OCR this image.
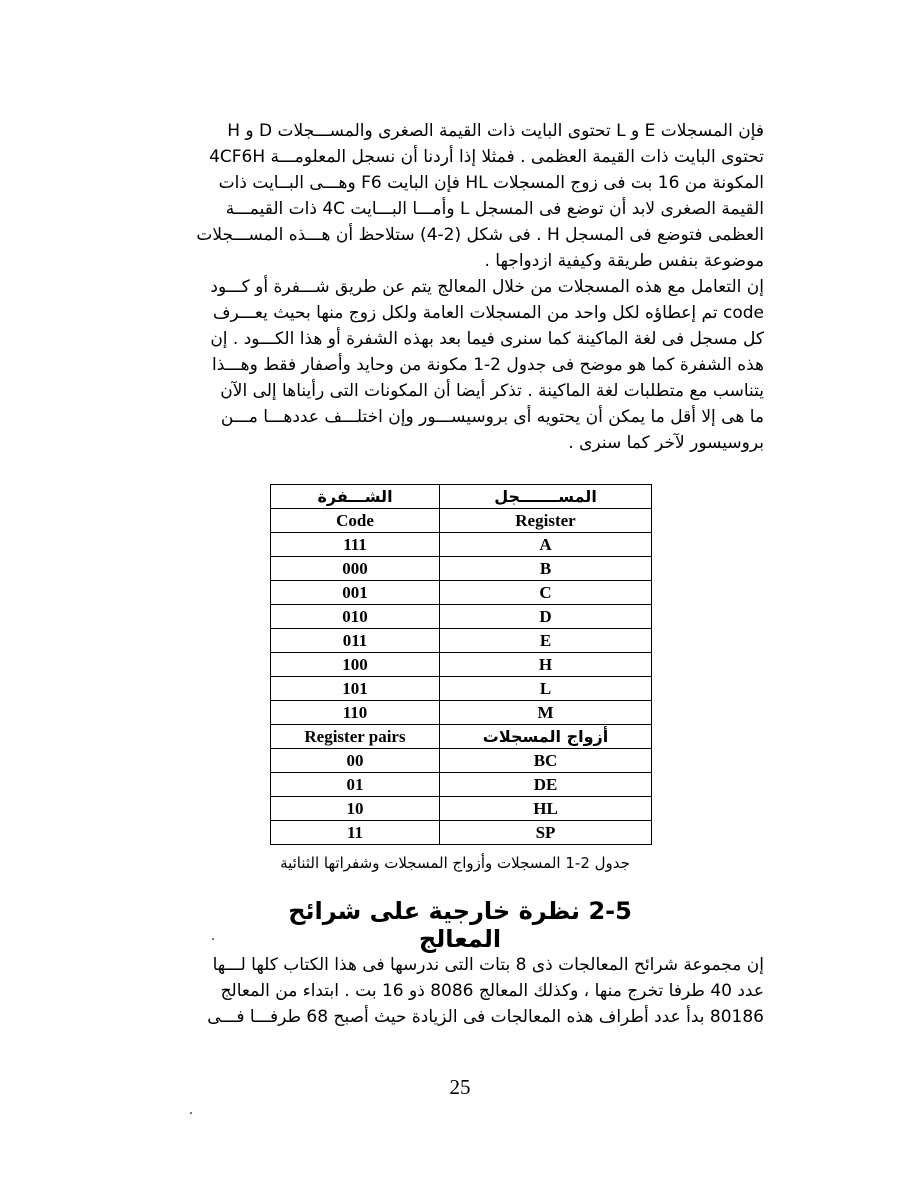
فإن المسجلات E و L تحتوى البايت ذات القيمة الصغرى والمســـجلات D و H
تحتوى البايت ذات القيمة العظمى . فمثلا إذا أردنا أن نسجل المعلومـــة 4CF6H
المكونة من 16 بت فى زوج المسجلات HL فإن البايت F6 وهـــى البــايت ذات
القيمة الصغرى لابد أن توضع فى المسجل L وأمـــا البـــايت 4C ذات القيمـــة
العظمى فتوضع فى المسجل H . فى شكل (2-4) ستلاحظ أن هـــذه المســـجلات
موضوعة بنفس طريقة وكيفية ازدواجها .
إن التعامل مع هذه المسجلات من خلال المعالج يتم عن طريق شـــفرة أو كـــود
code تم إعطاؤه لكل واحد من المسجلات العامة ولكل زوج منها بحيث يعـــرف
كل مسجل فى لغة الماكينة كما سنرى فيما بعد بهذه الشفرة أو هذا الكـــود . إن
هذه الشفرة كما هو موضح فى جدول 2-1 مكونة من وحايد وأصفار فقط وهـــذا
يتناسب مع متطلبات لغة الماكينة . تذكر أيضا أن المكونات التى رأيناها إلى الآن
ما هى إلا أقل ما يمكن أن يحتويه أى بروسيســـور وإن اختلـــف عددهـــا مـــن
بروسيسور لآخر كما سنرى .
الشـــفرة	المســـــــجل
Code	Register
111	A
000	B
001	C
010	D
011	E
100	H
101	L
110	M
Register pairs	أزواج المسجلات
00	BC
01	DE
10	HL
11	SP
جدول 2-1 المسجلات وأزواج المسجلات وشفراتها الثنائية
2-5 نظرة خارجية على شرائح المعالج
إن مجموعة شرائح المعالجات ذى 8 بتات التى ندرسها فى هذا الكتاب كلها لـــها
عدد 40 طرفا تخرج منها ، وكذلك المعالج 8086 ذو 16 بت . ابتداء من المعالج
80186 بدأ عدد أطراف هذه المعالجات فى الزيادة حيث أصبح 68 طرفـــا فـــى
25
